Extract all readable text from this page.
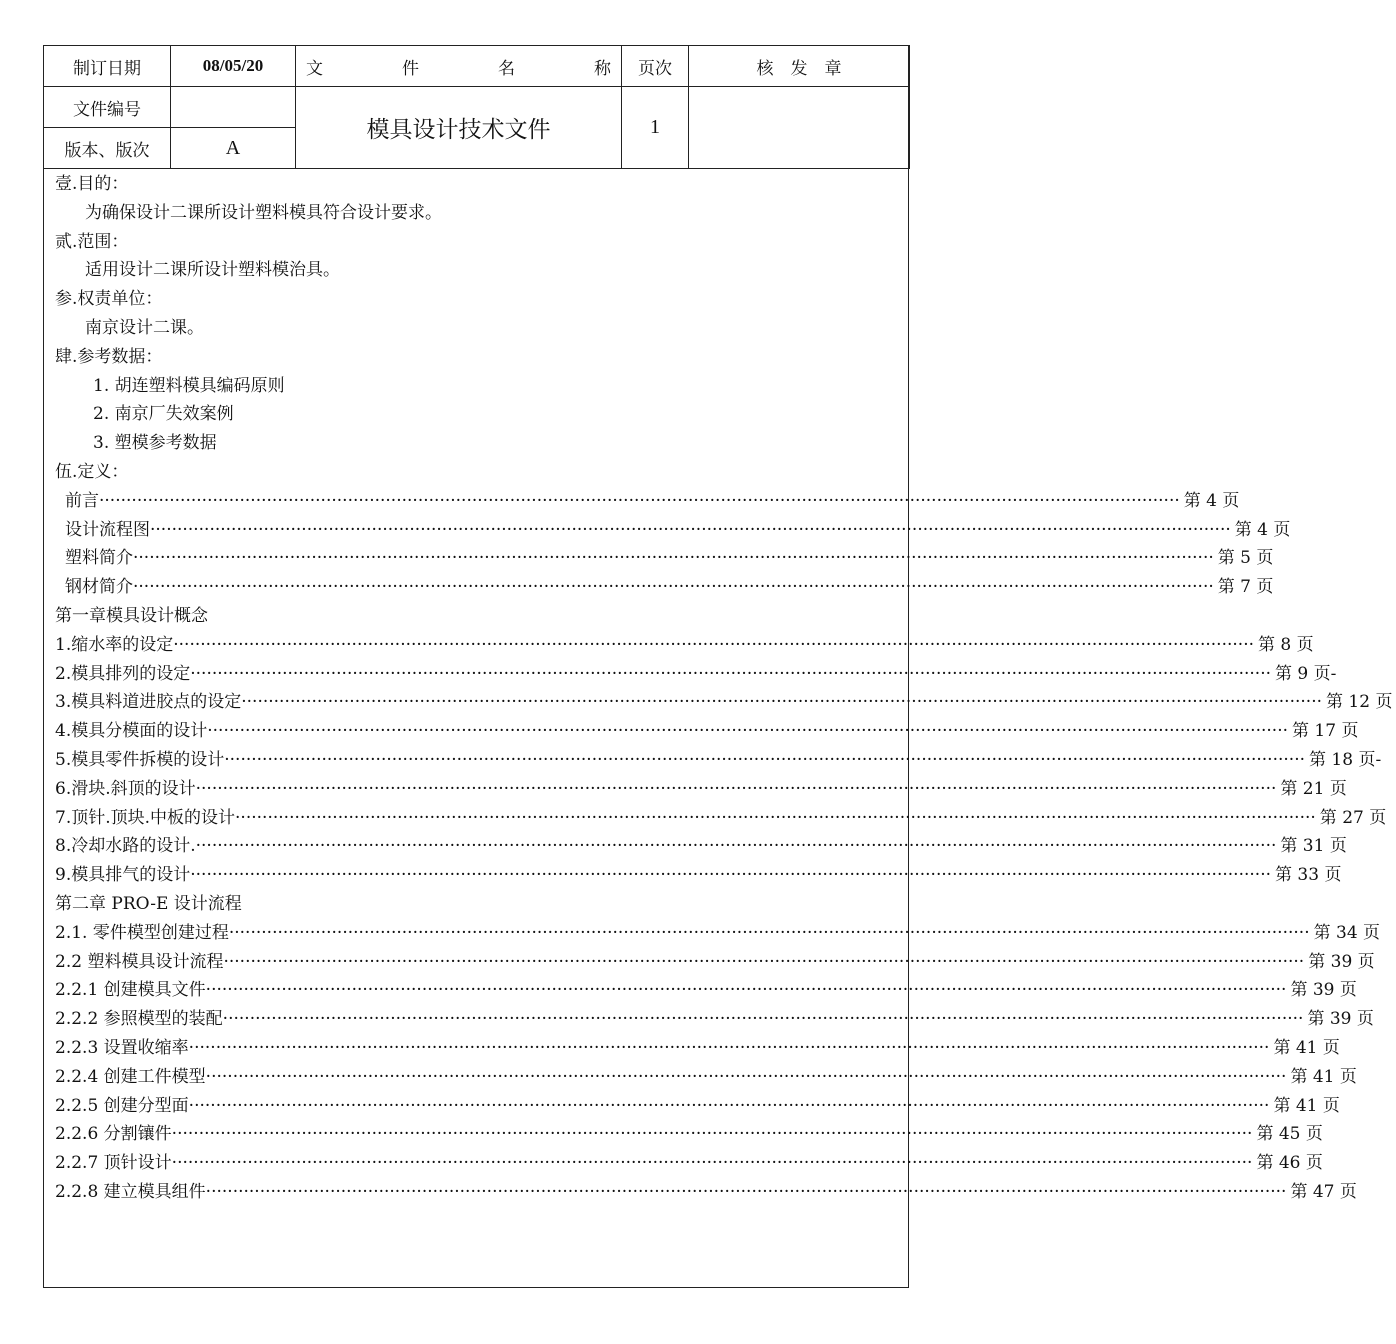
制订日期	08/05/20	文 件 名 称	页次	核　发　章
文件编号		模具设计技术文件	1	
版本、版次	A			
壹.目的：
为确保设计二课所设计塑料模具符合设计要求。
贰.范围：
适用设计二课所设计塑料模治具。
参.权责单位：
南京设计二课。
肆.参考数据：
1. 胡连塑料模具编码原则
2. 南京厂失效案例
3. 塑模参考数据
伍.定义：
前言 ········································································································································································································ 第 4 页
设计流程图 ········································································································································································································ 第 4 页
塑料简介 ········································································································································································································ 第 5 页
钢材简介 ········································································································································································································ 第 7 页
第一章模具设计概念
1.缩水率的设定 ········································································································································································································ 第 8 页
2.模具排列的设定 ········································································································································································································ 第 9 页-
3.模具料道进胶点的设定 ········································································································································································································ 第 12 页
4.模具分模面的设计 ········································································································································································································ 第 17 页
5.模具零件拆模的设计 ········································································································································································································ 第 18 页-
6.滑块.斜顶的设计 ········································································································································································································ 第 21 页
7.顶针.顶块.中板的设计 ········································································································································································································ 第 27 页
8.冷却水路的设计. ········································································································································································································ 第 31 页
9.模具排气的设计 ········································································································································································································ 第 33 页
第二章 PRO-E 设计流程
2.1. 零件模型创建过程 ········································································································································································································ 第 34 页
2.2 塑料模具设计流程 ········································································································································································································ 第 39 页
2.2.1 创建模具文件 ········································································································································································································ 第 39 页
2.2.2 参照模型的装配 ········································································································································································································ 第 39 页
2.2.3 设置收缩率 ········································································································································································································ 第 41 页
2.2.4 创建工件模型 ········································································································································································································ 第 41 页
2.2.5 创建分型面 ········································································································································································································ 第 41 页
2.2.6 分割镶件 ········································································································································································································ 第 45 页
2.2.7 顶针设计 ········································································································································································································ 第 46 页
2.2.8 建立模具组件 ········································································································································································································ 第 47 页
